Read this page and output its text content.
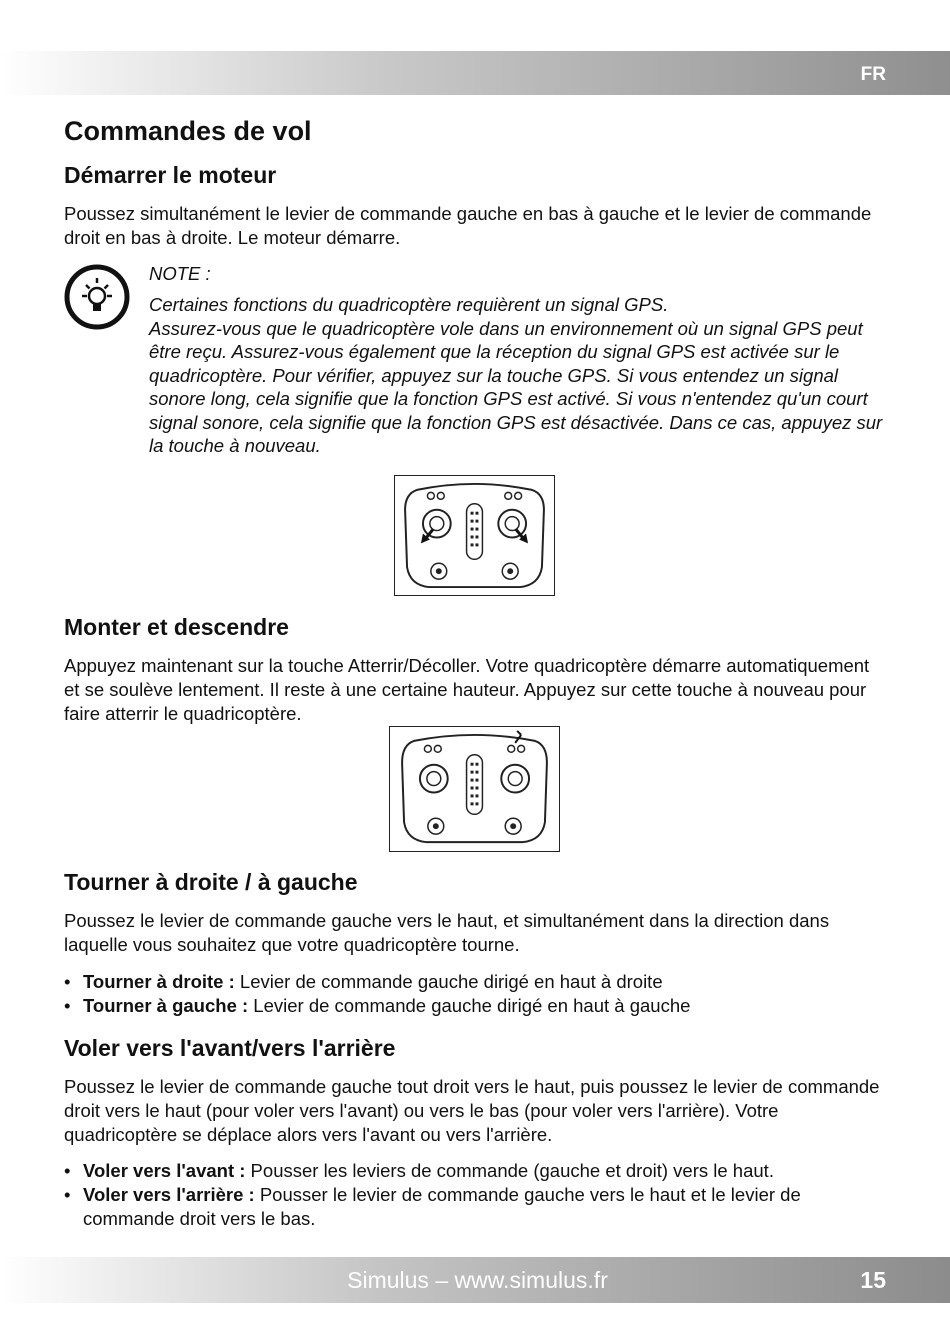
FR
Commandes de vol
Démarrer le moteur

Poussez simultanément le levier de commande gauche en bas à gauche et le levier de commande droit en bas à droite. Le moteur démarre.

NOTE :

Certaines fonctions du quadricoptère requièrent un signal GPS.

Assurez-vous que le quadricoptère vole dans un environnement où un signal GPS peut être reçu. Assurez-vous également que la réception du signal GPS est activée sur le quadricoptère. Pour vérifier, appuyez sur la touche GPS. Si vous entendez un signal sonore long, cela signifie que la fonction GPS est activé. Si vous n'entendez qu'un court signal sonore, cela signifie que la fonction GPS est désactivée. Dans ce cas, appuyez sur la touche à nouveau.

Monter et descendre

Appuyez maintenant sur la touche Atterrir/Décoller. Votre quadricoptère démarre automatiquement et se soulève lentement. Il reste à une certaine hauteur. Appuyez sur cette touche à nouveau pour faire atterrir le quadricoptère.

Tourner à droite / à gauche

Poussez le levier de commande gauche vers le haut, et simultanément dans la direction dans laquelle vous souhaitez que votre quadricoptère tourne.

• Tourner à droite : Levier de commande gauche dirigé en haut à droite
• Tourner à gauche : Levier de commande gauche dirigé en haut à gauche
Voler vers l'avant/vers l'arrière

Poussez le levier de commande gauche tout droit vers le haut, puis poussez le levier de commande droit vers le haut (pour voler vers l'avant) ou vers le bas (pour voler vers l'arrière). Votre quadricoptère se déplace alors vers l'avant ou vers l'arrière.

• Voler vers l'avant : Pousser les leviers de commande (gauche et droit) vers le haut.
• Voler vers l'arrière : Pousser le levier de commande gauche vers le haut et le levier de commande droit vers le bas.
Simulus – www.simulus.fr	15
